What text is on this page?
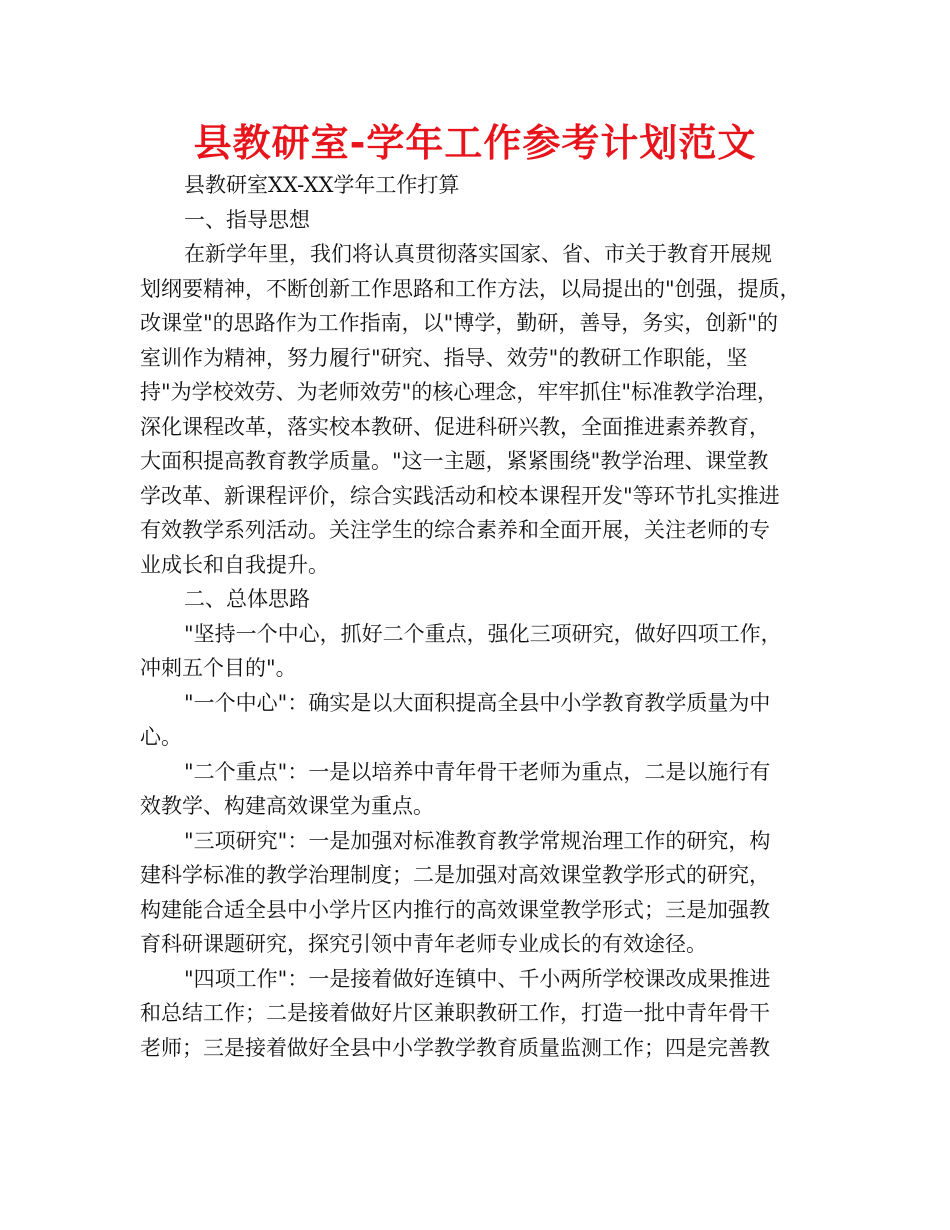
县教研室-学年工作参考计划范文
县教研室XX-XX学年工作打算
一、指导思想
在新学年里，我们将认真贯彻落实国家、省、市关于教育开展规
划纲要精神，不断创新工作思路和工作方法，以局提出的"创强，提质，
改课堂"的思路作为工作指南，以"博学，勤研，善导，务实，创新"的
室训作为精神，努力履行"研究、指导、效劳"的教研工作职能，坚
持"为学校效劳、为老师效劳"的核心理念，牢牢抓住"标准教学治理，
深化课程改革，落实校本教研、促进科研兴教，全面推进素养教育，
大面积提高教育教学质量。"这一主题，紧紧围绕"教学治理、课堂教
学改革、新课程评价，综合实践活动和校本课程开发"等环节扎实推进
有效教学系列活动。关注学生的综合素养和全面开展，关注老师的专
业成长和自我提升。
二、总体思路
"坚持一个中心，抓好二个重点，强化三项研究，做好四项工作，
冲刺五个目的"。
"一个中心"：确实是以大面积提高全县中小学教育教学质量为中
心。
"二个重点"：一是以培养中青年骨干老师为重点，二是以施行有
效教学、构建高效课堂为重点。
"三项研究"：一是加强对标准教育教学常规治理工作的研究，构
建科学标准的教学治理制度；二是加强对高效课堂教学形式的研究，
构建能合适全县中小学片区内推行的高效课堂教学形式；三是加强教
育科研课题研究，探究引领中青年老师专业成长的有效途径。
"四项工作"：一是接着做好连镇中、千小两所学校课改成果推进
和总结工作；二是接着做好片区兼职教研工作，打造一批中青年骨干
老师；三是接着做好全县中小学教学教育质量监测工作；四是完善教
